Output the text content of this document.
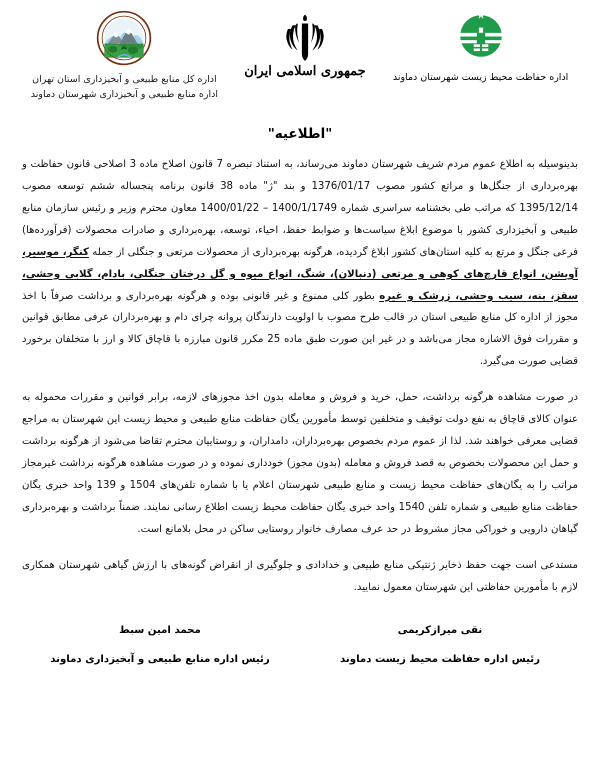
اداره کل منابع طبیعی و آبخیزداری استان تهران
اداره منابع طبیعی و آبخیزداری شهرستان دماوند
جمهوری اسلامی ایران	اداره حفاظت محیط زیست شهرستان دماوند
"اطلاعیه"

بدینوسیله به اطلاع عموم مردم شریف شهرستان دماوند می‌رساند، به استناد تبصره 7 قانون اصلاح ماده 3 اصلاحی قانون حفاظت و بهره‌برداری از جنگل‌ها و مراتع کشور مصوب 1376/01/17 و بند "ژ" ماده 38 قانون برنامه پنجساله ششم توسعه مصوب 1395/12/14 که مراتب طی بخشنامه سراسری شماره 1400/1/1749 – 1400/01/22 معاون محترم وزیر و رئیس سازمان منابع طبیعی و آبخیزداری کشور با موضوع ابلاغ سیاست‌ها و ضوابط حفظ، احیاء، توسعه، بهره‌برداری و صادرات محصولات (فرآورده‌ها) فرعی جنگل و مرتع به کلیه استان‌های کشور ابلاغ گردیده، هرگونه بهره‌برداری از محصولات مرتعی و جنگلی از جمله کنگر، موسیر، آویشن، انواع قارچ‌های کوهی و مرتعی (دنبالان)، شنگ، انواع میوه و گل درختان جنگلی، بادام، گلابی وحشی، سقز، بنه، سیب وحشی، زرشک و غیره بطور کلی ممنوع و غیر قانونی بوده و هرگونه بهره‌برداری و برداشت صرفاً با اخذ مجوز از اداره کل منابع طبیعی استان در قالب طرح مصوب با اولویت دارندگان پروانه چرای دام و بهره‌برداران عرفی مطابق قوانین و مقررات فوق الاشاره مجاز می‌باشد و در غیر این صورت طبق ماده 25 مکرر قانون مبارزه با قاچاق کالا و ارز با متخلفان برخورد قضایی صورت می‌گیرد.

در صورت مشاهده هرگونه برداشت، حمل، خرید و فروش و معامله بدون اخذ مجوزهای لازمه، برابر قوانین و مقررات محموله به عنوان کالای قاچاق به نفع دولت توقیف و متخلفین توسط مأمورین یگان حفاظت منابع طبیعی و محیط زیست این شهرستان به مراجع قضایی معرفی خواهند شد. لذا از عموم مردم بخصوص بهره‌برداران، دامداران، و روستاییان محترم تقاضا می‌شود از هرگونه برداشت و حمل این محصولات بخصوص به قصد فروش و معامله (بدون مجوز) خودداری نموده و در صورت مشاهده هرگونه برداشت غیرمجاز مراتب را به یگان‌های حفاظت محیط زیست و منابع طبیعی شهرستان اعلام یا با شماره تلفن‌های 1504 و 139 واحد خبری یگان حفاظت منابع طبیعی و شماره تلفن 1540 واحد خبری یگان حفاظت محیط زیست اطلاع رسانی نمایند. ضمناً برداشت و بهره‌برداری گیاهان دارویی و خوراکی مجاز مشروط در حد عرف مصارف خانوار روستایی ساکن در محل بلامانع است.

مستدعی است جهت حفظ ذخایر ژنتیکی منابع طبیعی و خدادادی و جلوگیری از انقراض گونه‌های با ارزش گیاهی شهرستان همکاری لازم با مأمورین حفاظتی این شهرستان معمول نمایید.

محمد امین سبط
رئیس اداره منابع طبیعی و آبخیزداری دماوند
نقی میرازکریمی
رئیس اداره حفاظت محیط زیست دماوند
